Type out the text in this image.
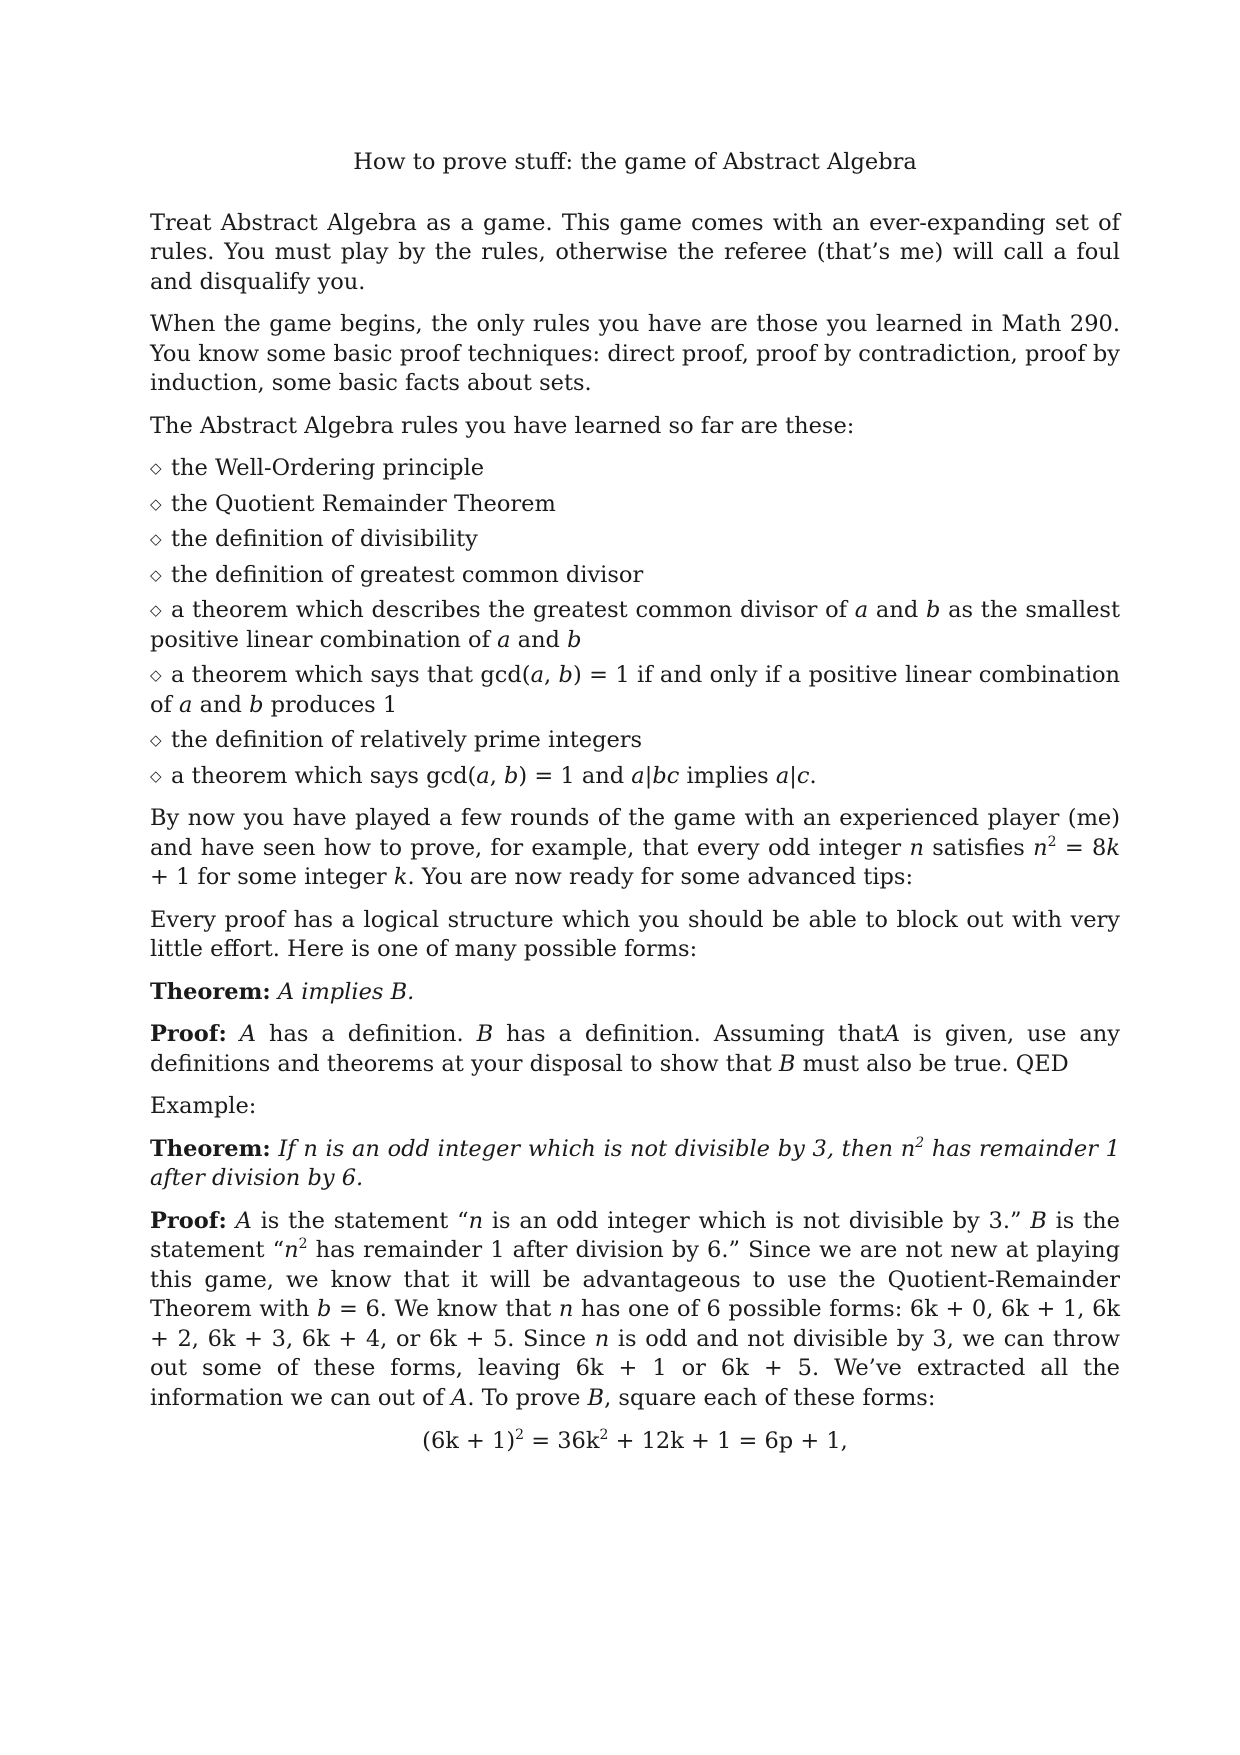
How to prove stuff: the game of Abstract Algebra

Treat Abstract Algebra as a game. This game comes with an ever-expanding set of rules. You must play by the rules, otherwise the referee (that’s me) will call a foul and disqualify you.

When the game begins, the only rules you have are those you learned in Math 290. You know some basic proof techniques: direct proof, proof by contradiction, proof by induction, some basic facts about sets.

The Abstract Algebra rules you have learned so far are these:

◇ the Well-Ordering principle
◇ the Quotient Remainder Theorem
◇ the definition of divisibility
◇ the definition of greatest common divisor
◇ a theorem which describes the greatest common divisor of a and b as the smallest positive linear combination of a and b
◇ a theorem which says that gcd(a, b) = 1 if and only if a positive linear combination of a and b produces 1
◇ the definition of relatively prime integers
◇ a theorem which says gcd(a, b) = 1 and a|bc implies a|c.

By now you have played a few rounds of the game with an experienced player (me) and have seen how to prove, for example, that every odd integer n satisfies $n^2 = 8k + 1$ for some integer k. You are now ready for some advanced tips:

Every proof has a logical structure which you should be able to block out with very little effort. Here is one of many possible forms:

Theorem: A implies B.

Proof: A has a definition. B has a definition. Assuming thatA is given, use any definitions and theorems at your disposal to show that B must also be true. QED

Example:

Theorem: If n is an odd integer which is not divisible by 3, then $n^2$ has remainder 1 after division by 6.

Proof: A is the statement “n is an odd integer which is not divisible by 3.” B is the statement “$n^2$ has remainder 1 after division by 6.” Since we are not new at playing this game, we know that it will be advantageous to use the Quotient-Remainder Theorem with b = 6. We know that n has one of 6 possible forms: 6k + 0, 6k + 1, 6k + 2, 6k + 3, 6k + 4, or 6k + 5. Since n is odd and not divisible by 3, we can throw out some of these forms, leaving 6k + 1 or 6k + 5. We’ve extracted all the information we can out of A. To prove B, square each of these forms:

$(6k + 1)^2 = 36k^2 + 12k + 1 = 6p + 1$,
